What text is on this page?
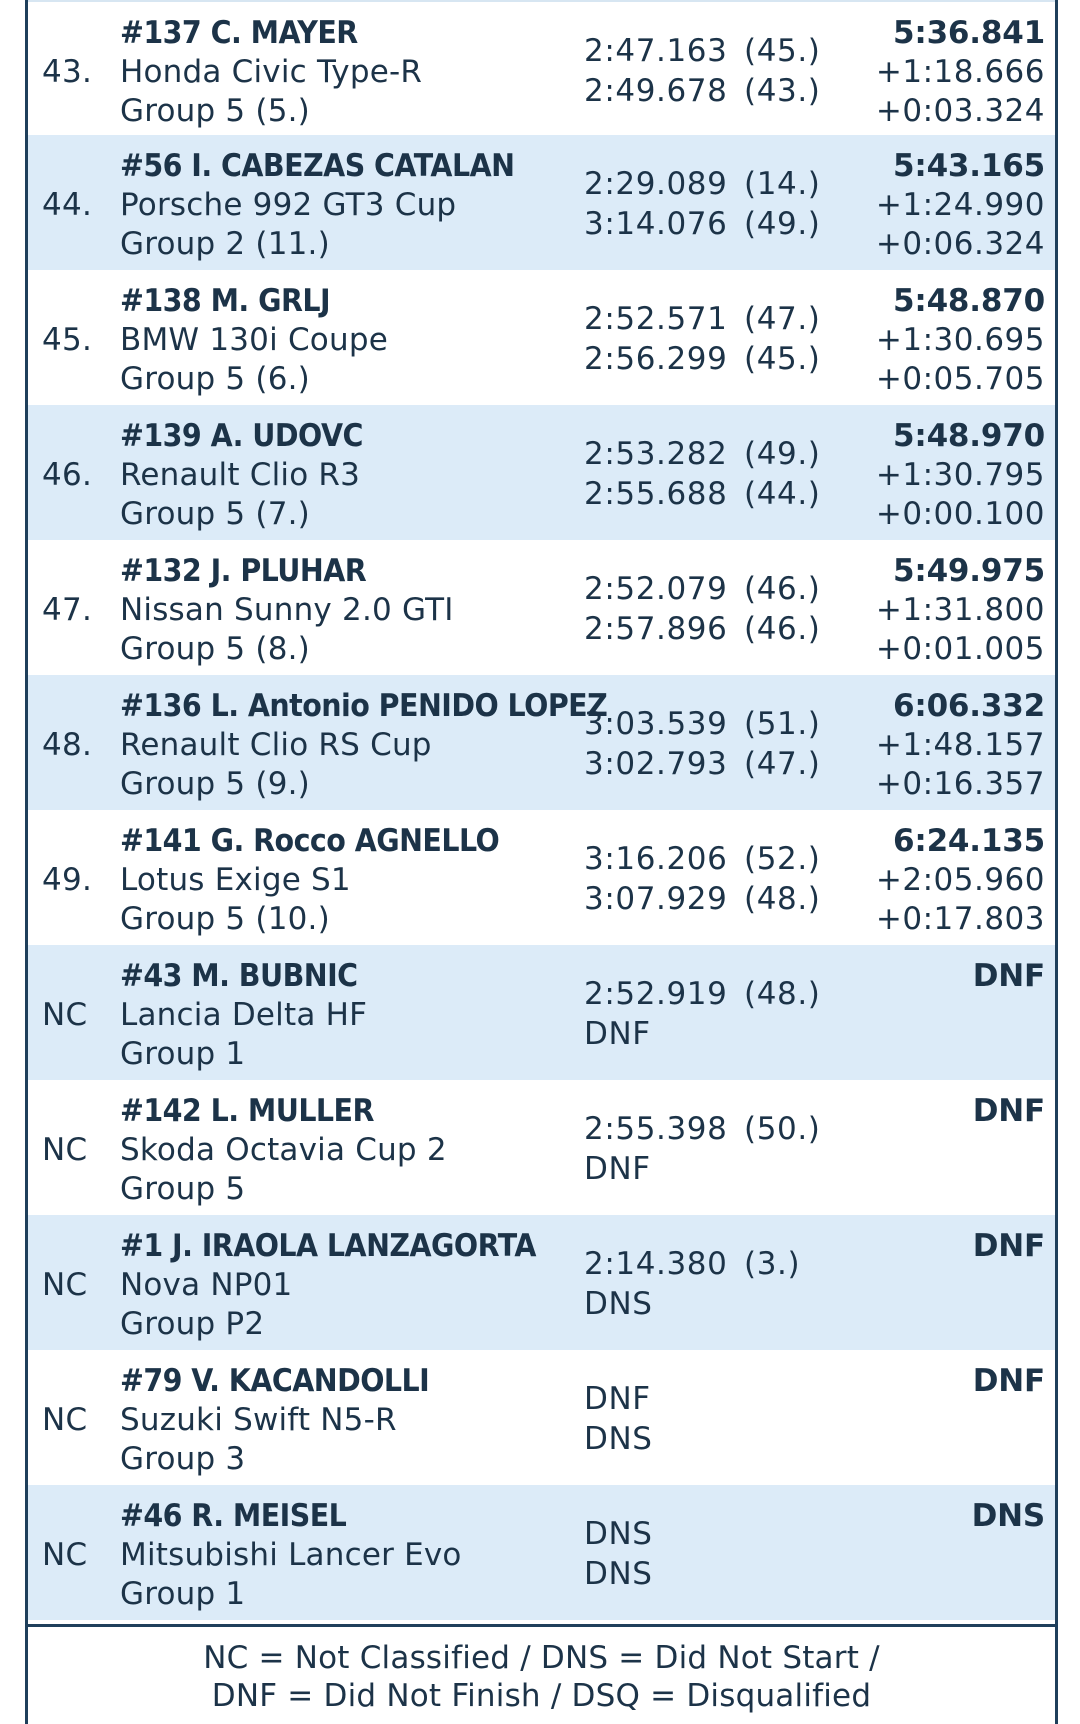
43.
#137 C. MAYER
Honda Civic Type-R
Group 5 (5.)
2:47.163 (45.)
2:49.678 (43.)
5:36.841
+1:18.666
+0:03.324
44.
#56 I. CABEZAS CATALAN
Porsche 992 GT3 Cup
Group 2 (11.)
2:29.089 (14.)
3:14.076 (49.)
5:43.165
+1:24.990
+0:06.324
45.
#138 M. GRLJ
BMW 130i Coupe
Group 5 (6.)
2:52.571 (47.)
2:56.299 (45.)
5:48.870
+1:30.695
+0:05.705
46.
#139 A. UDOVC
Renault Clio R3
Group 5 (7.)
2:53.282 (49.)
2:55.688 (44.)
5:48.970
+1:30.795
+0:00.100
47.
#132 J. PLUHAR
Nissan Sunny 2.0 GTI
Group 5 (8.)
2:52.079 (46.)
2:57.896 (46.)
5:49.975
+1:31.800
+0:01.005
48.
#136 L. Antonio PENIDO LOPEZ
Renault Clio RS Cup
Group 5 (9.)
3:03.539 (51.)
3:02.793 (47.)
6:06.332
+1:48.157
+0:16.357
49.
#141 G. Rocco AGNELLO
Lotus Exige S1
Group 5 (10.)
3:16.206 (52.)
3:07.929 (48.)
6:24.135
+2:05.960
+0:17.803
NC
#43 M. BUBNIC
Lancia Delta HF
Group 1
2:52.919 (48.)
DNF
DNF
NC
#142 L. MULLER
Skoda Octavia Cup 2
Group 5
2:55.398 (50.)
DNF
DNF
NC
#1 J. IRAOLA LANZAGORTA
Nova NP01
Group P2
2:14.380 (3.)
DNS
DNF
NC
#79 V. KACANDOLLI
Suzuki Swift N5-R
Group 3
DNF
DNS
DNF
NC
#46 R. MEISEL
Mitsubishi Lancer Evo
Group 1
DNS
DNS
DNS
NC = Not Classified / DNS = Did Not Start /
DNF = Did Not Finish / DSQ = Disqualified
